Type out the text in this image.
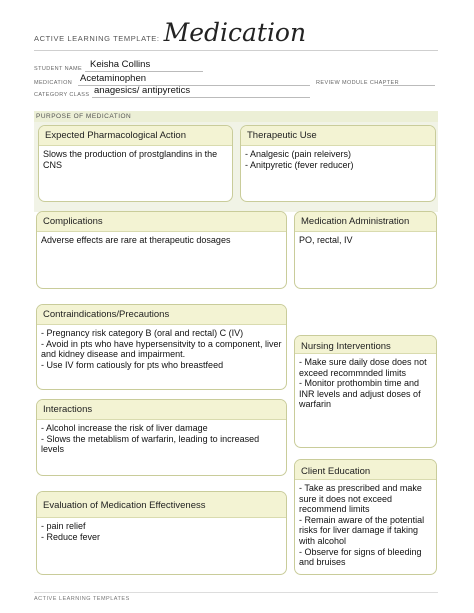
ACTIVE LEARNING TEMPLATE: Medication
STUDENT NAME Keisha Collins
MEDICATION Acetaminophen	REVIEW MODULE CHAPTER
CATEGORY CLASS anagesics/ antipyretics
PURPOSE OF MEDICATION
Expected Pharmacological Action
Slows the production of prostglandins in the CNS
Therapeutic Use
- Analgesic (pain releivers)
- Anitpyretic (fever reducer)
Complications
Adverse effects are rare at therapeutic dosages
Medication Administration
PO, rectal, IV
Contraindications/Precautions
- Pregnancy risk category B (oral and rectal) C (IV)
- Avoid in pts who have hypersensitvity to a component, liver and kidney disease and impairment.
- Use IV form catiously for pts who breastfeed
Nursing Interventions
- Make sure daily dose does not exceed recommnded limits
- Monitor prothombin time and INR levels and adjust doses of warfarin
Interactions
- Alcohol increase the risk of liver damage
- Slows the metablism of warfarin, leading to increased levels
Client Education
- Take as prescribed and make sure it does not exceed recommend limits
- Remain aware of the potential risks for liver damage if taking with alcohol
- Observe for signs of bleeding and bruises
Evaluation of Medication Effectiveness
- pain relief
- Reduce fever
ACTIVE LEARNING TEMPLATES
